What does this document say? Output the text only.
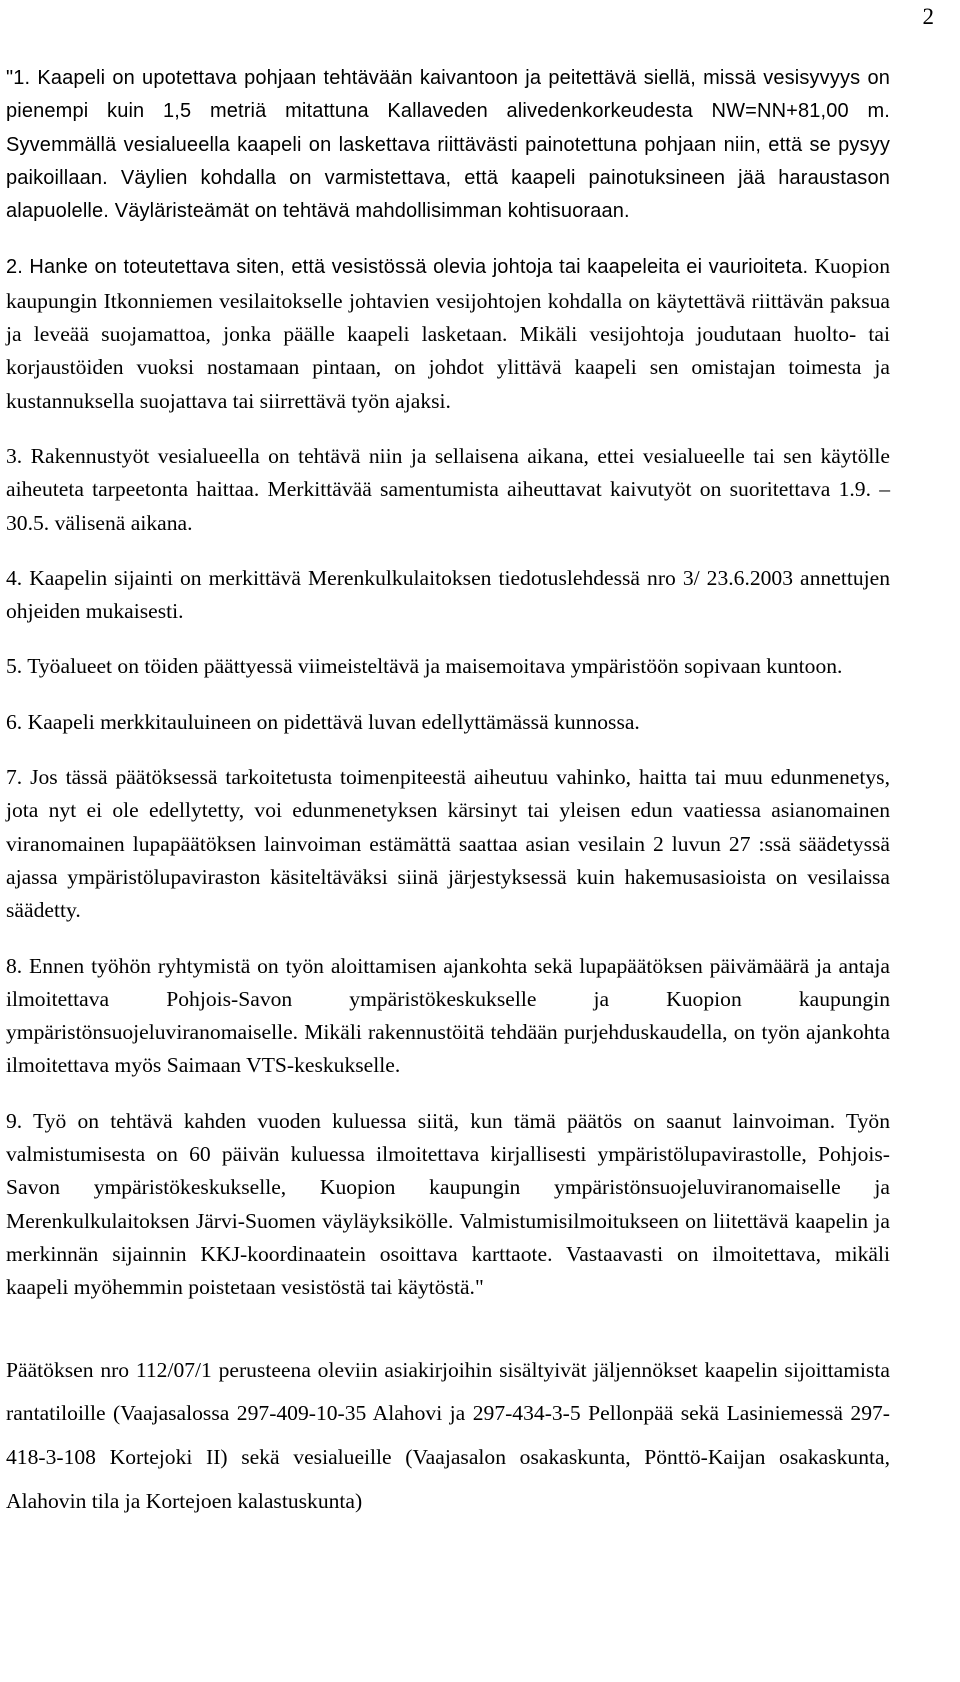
2

"1. Kaapeli on upotettava pohjaan tehtävään kaivantoon ja peitettävä siellä, missä vesisyvyys on pienempi kuin 1,5 metriä mitattuna Kallaveden alivedenkorkeudesta NW=NN+81,00 m. Syvemmällä vesialueella kaapeli on laskettava riittävästi painotettuna pohjaan niin, että se pysyy paikoillaan. Väylien kohdalla on varmistettava, että kaapeli painotuksineen jää haraustason alapuolelle. Väyläristeämät on tehtävä mahdollisimman kohtisuoraan.

2. Hanke on toteutettava siten, että vesistössä olevia johtoja tai kaapeleita ei vaurioiteta. Kuopion kaupungin Itkonniemen vesilaitokselle johtavien vesijohtojen kohdalla on käytettävä riittävän paksua ja leveää suojamattoa, jonka päälle kaapeli lasketaan. Mikäli vesijohtoja joudutaan huolto- tai korjaustöiden vuoksi nostamaan pintaan, on johdot ylittävä kaapeli sen omistajan toimesta ja kustannuksella suojattava tai siirrettävä työn ajaksi.

3. Rakennustyöt vesialueella on tehtävä niin ja sellaisena aikana, ettei vesialueelle tai sen käytölle aiheuteta tarpeetonta haittaa. Merkittävää samentumista aiheuttavat kaivutyöt on suoritettava 1.9. – 30.5. välisenä aikana.

4. Kaapelin sijainti on merkittävä Merenkulkulaitoksen tiedotuslehdessä nro 3/ 23.6.2003 annettujen ohjeiden mukaisesti.

5. Työalueet on töiden päättyessä viimeisteltävä ja maisemoitava ympäristöön sopivaan kuntoon.

6. Kaapeli merkkitauluineen on pidettävä luvan edellyttämässä kunnossa.

7. Jos tässä päätöksessä tarkoitetusta toimenpiteestä aiheutuu vahinko, haitta tai muu edunmenetys, jota nyt ei ole edellytetty, voi edunmenetyksen kärsinyt tai yleisen edun vaatiessa asianomainen viranomainen lupapäätöksen lainvoiman estämättä saattaa asian vesilain 2 luvun 27 :ssä säädetyssä ajassa ympäristölupaviraston käsiteltäväksi siinä järjestyksessä kuin hakemusasioista on vesilaissa säädetty.

8. Ennen työhön ryhtymistä on työn aloittamisen ajankohta sekä lupapäätöksen päivämäärä ja antaja ilmoitettava Pohjois-Savon ympäristökeskukselle ja Kuopion kaupungin ympäristönsuojeluviranomaiselle. Mikäli rakennustöitä tehdään purjehduskaudella, on työn ajankohta ilmoitettava myös Saimaan VTS-keskukselle.

9. Työ on tehtävä kahden vuoden kuluessa siitä, kun tämä päätös on saanut lainvoiman. Työn valmistumisesta on 60 päivän kuluessa ilmoitettava kirjallisesti ympäristölupavirastolle, Pohjois-Savon ympäristökeskukselle, Kuopion kaupungin ympäristönsuojeluviranomaiselle ja Merenkulkulaitoksen Järvi-Suomen väyläyksikölle. Valmistumisilmoitukseen on liitettävä kaapelin ja merkinnän sijainnin KKJ-koordinaatein osoittava karttaote. Vastaavasti on ilmoitettava, mikäli kaapeli myöhemmin poistetaan vesistöstä tai käytöstä."

Päätöksen nro 112/07/1 perusteena oleviin asiakirjoihin sisältyivät jäljennökset kaapelin sijoittamista rantatiloille (Vaajasalossa 297-409-10-35 Alahovi ja 297-434-3-5 Pellonpää sekä Lasiniemessä 297-418-3-108 Kortejoki II) sekä vesialueille (Vaajasalon osakaskunta, Pönttö-Kaijan osakaskunta, Alahovin tila ja Kortejoen kalastuskunta)
